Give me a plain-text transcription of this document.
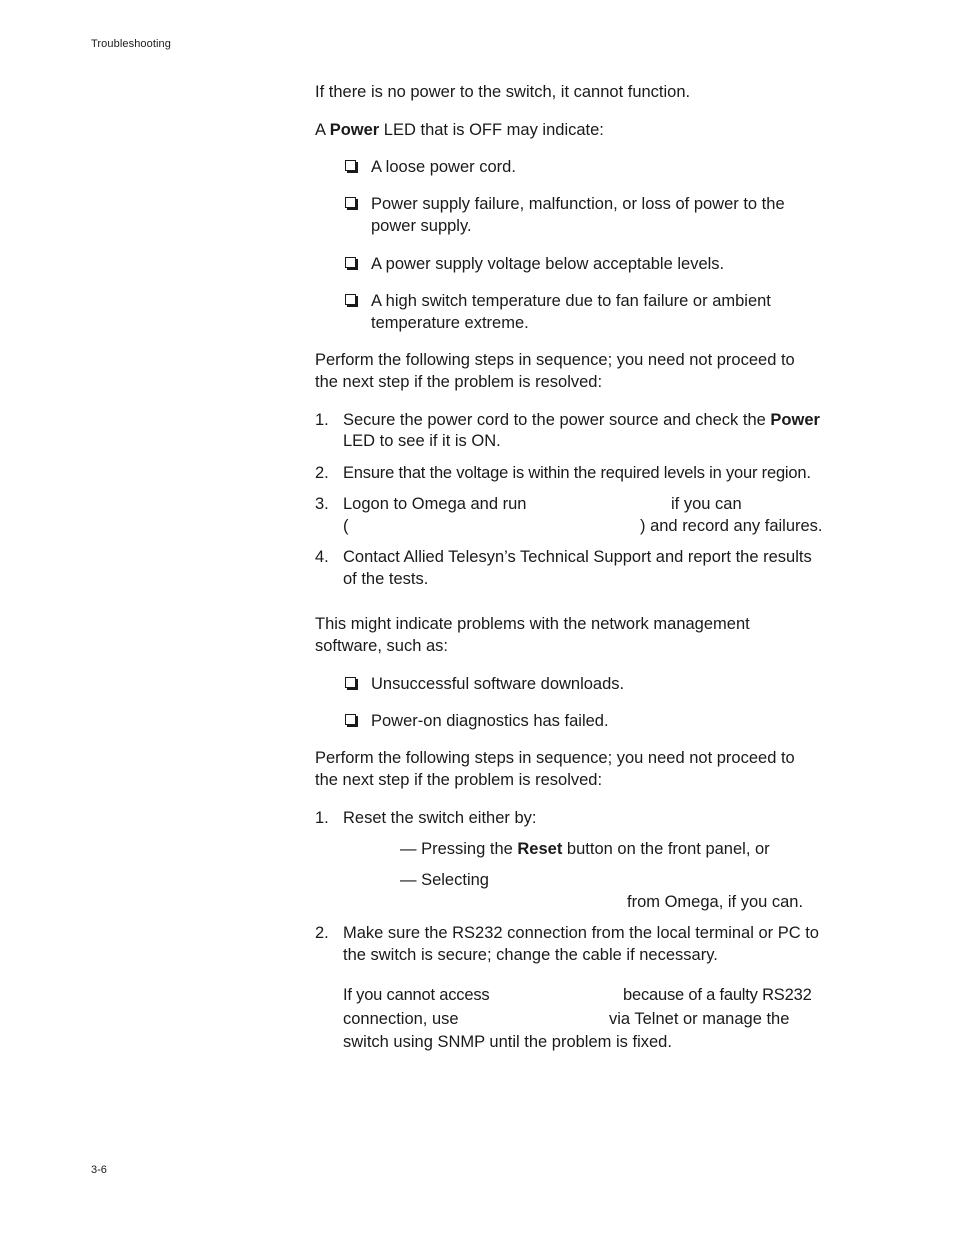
Troubleshooting
If there is no power to the switch, it cannot function.
A Power LED that is OFF may indicate:
A loose power cord.
Power supply failure, malfunction, or loss of power to the
power supply.
A power supply voltage below acceptable levels.
A high switch temperature due to fan failure or ambient
temperature extreme.
Perform the following steps in sequence; you need not proceed to
the next step if the problem is resolved:
1. Secure the power cord to the power source and check the Power
LED to see if it is ON.
2. Ensure that the voltage is within the required levels in your region.
3. Logon to Omega and run	if you can
(	) and record any failures.
4. Contact Allied Telesyn’s Technical Support and report the results
of the tests.
This might indicate problems with the network management
software, such as:
Unsuccessful software downloads.
Power-on diagnostics has failed.
Perform the following steps in sequence; you need not proceed to
the next step if the problem is resolved:
1. Reset the switch either by:
— Pressing the Reset button on the front panel, or
— Selecting
from Omega, if you can.
2. Make sure the RS232 connection from the local terminal or PC to
the switch is secure; change the cable if necessary.
If you cannot access	because of a faulty RS232
connection, use	via Telnet or manage the
switch using SNMP until the problem is fixed.
3-6
